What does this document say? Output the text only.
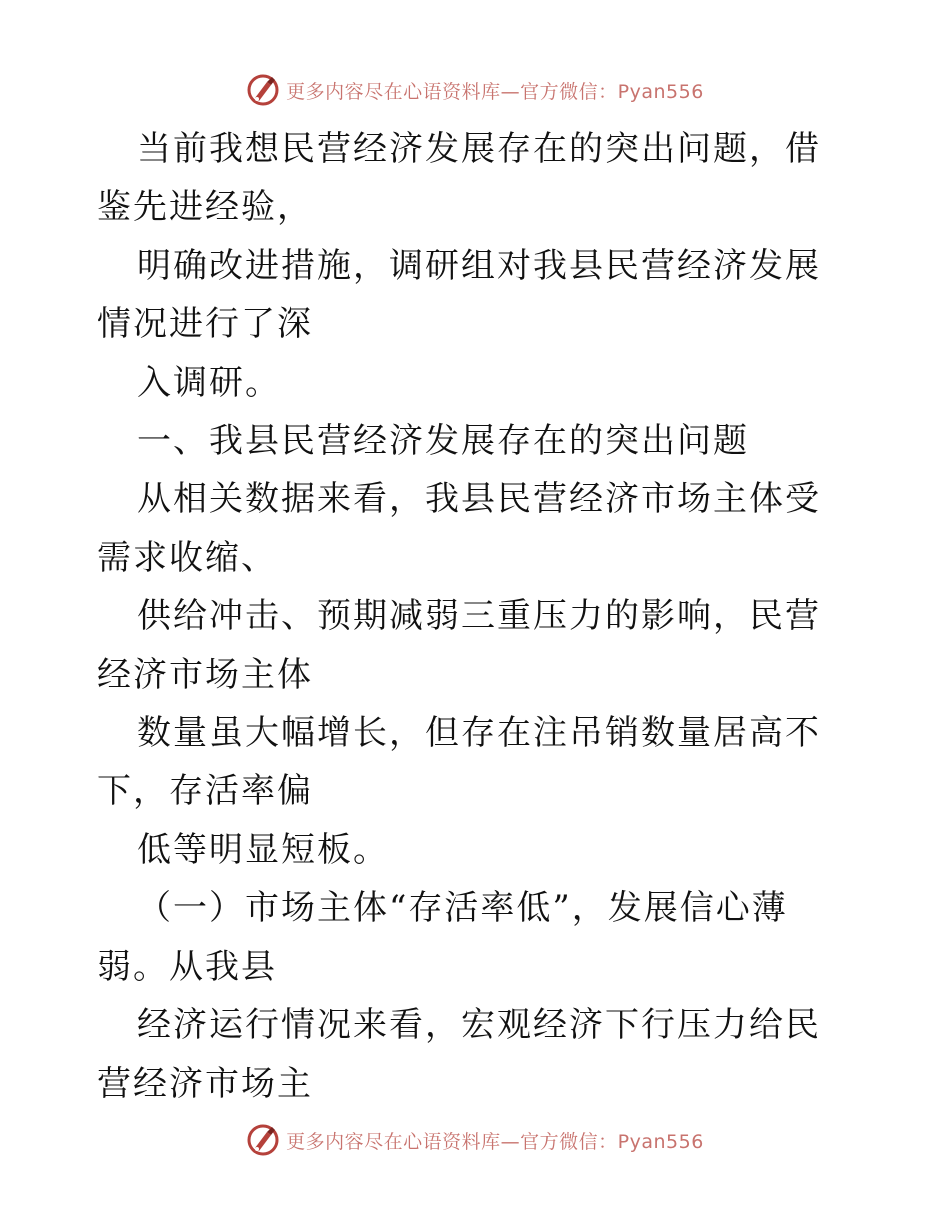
更多内容尽在心语资料库—官方微信：Pyan556

当前我想民营经济发展存在的突出问题，借鉴先进经验，

明确改进措施，调研组对我县民营经济发展情况进行了深

入调研。

一、我县民营经济发展存在的突出问题

从相关数据来看，我县民营经济市场主体受需求收缩、

供给冲击、预期减弱三重压力的影响，民营经济市场主体

数量虽大幅增长，但存在注吊销数量居高不下，存活率偏

低等明显短板。

（一）市场主体“存活率低”，发展信心薄弱。从我县

经济运行情况来看，宏观经济下行压力给民营经济市场主

更多内容尽在心语资料库—官方微信：Pyan556
